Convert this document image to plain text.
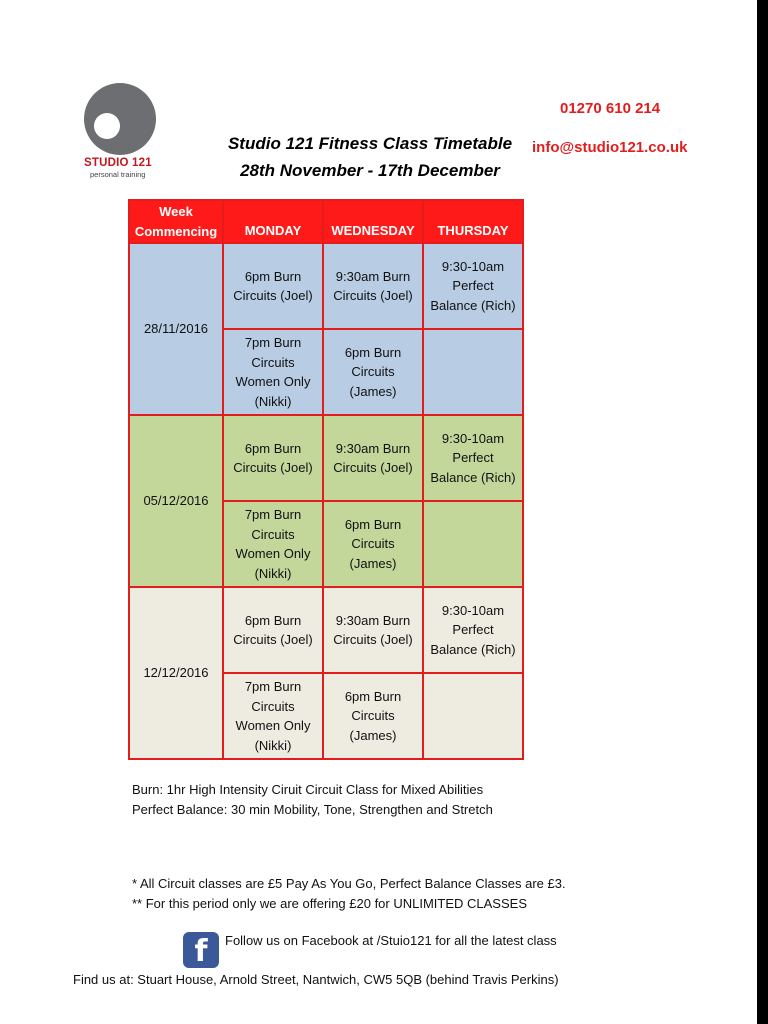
STUDIO 121
personal training
Studio 121 Fitness Class Timetable
28th November - 17th December
01270 610 214
info@studio121.co.uk
Week Commencing	MONDAY	WEDNESDAY	THURSDAY
28/11/2016	6pm Burn Circuits (Joel)	9:30am Burn Circuits (Joel)	9:30-10am Perfect Balance (Rich)
	7pm Burn Circuits Women Only (Nikki)	6pm Burn Circuits (James)	
05/12/2016	6pm Burn Circuits (Joel)	9:30am Burn Circuits (Joel)	9:30-10am Perfect Balance (Rich)
	7pm Burn Circuits Women Only (Nikki)	6pm Burn Circuits (James)	
12/12/2016	6pm Burn Circuits (Joel)	9:30am Burn Circuits (Joel)	9:30-10am Perfect Balance (Rich)
	7pm Burn Circuits Women Only (Nikki)	6pm Burn Circuits (James)	
Burn: 1hr High Intensity Ciruit Circuit Class for Mixed Abilities
Perfect Balance: 30 min Mobility, Tone, Strengthen and Stretch
* All Circuit classes are £5 Pay As You Go, Perfect Balance Classes are £3.
** For this period only we are offering £20 for UNLIMITED CLASSES
f	Follow us on Facebook at /Stuio121 for all the latest class
Find us at: Stuart House, Arnold Street, Nantwich, CW5 5QB (behind Travis Perkins)
